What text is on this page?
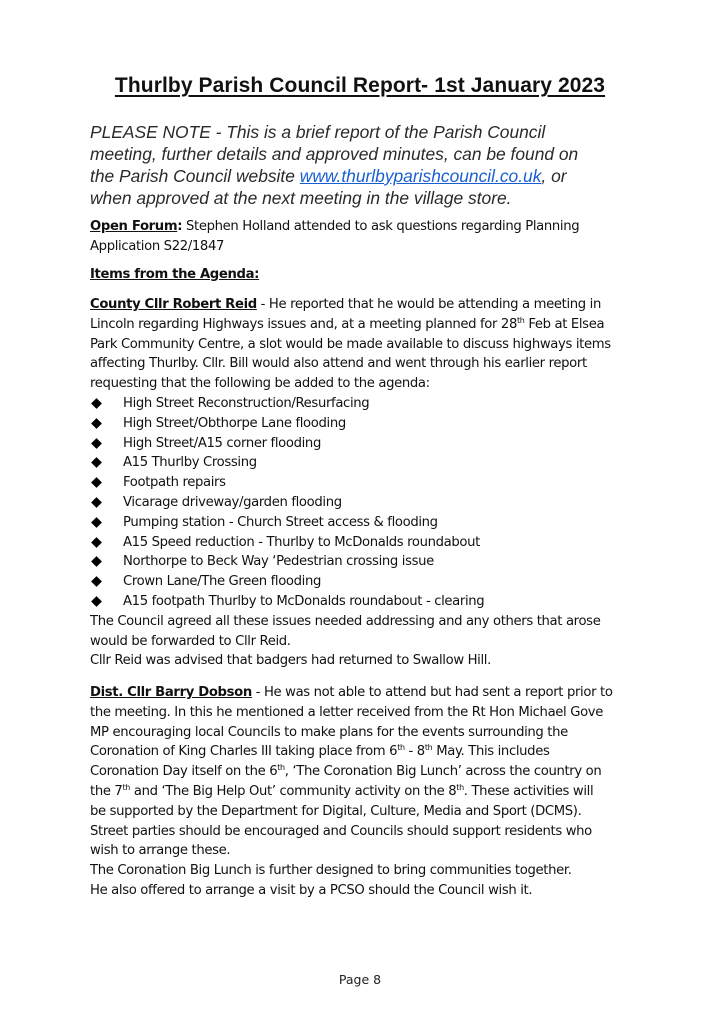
Thurlby Parish Council Report- 1st January 2023
PLEASE NOTE - This is a brief report of the Parish Council
meeting, further details and approved minutes, can be found on
the Parish Council website www.thurlbyparishcouncil.co.uk, or
when approved at the next meeting in the village store.
Open Forum: Stephen Holland attended to ask questions regarding Planning
Application S22/1847
Items from the Agenda:
County Cllr Robert Reid - He reported that he would be attending a meeting in
Lincoln regarding Highways issues and, at a meeting planned for 28th Feb at Elsea
Park Community Centre, a slot would be made available to discuss highways items
affecting Thurlby. Cllr. Bill would also attend and went through his earlier report
requesting that the following be added to the agenda:
High Street Reconstruction/Resurfacing
High Street/Obthorpe Lane flooding
High Street/A15 corner flooding
A15 Thurlby Crossing
Footpath repairs
Vicarage driveway/garden flooding
Pumping station - Church Street access & flooding
A15 Speed reduction - Thurlby to McDonalds roundabout
Northorpe to Beck Way ‘Pedestrian crossing issue
Crown Lane/The Green flooding
A15 footpath Thurlby to McDonalds roundabout - clearing
The Council agreed all these issues needed addressing and any others that arose
would be forwarded to Cllr Reid.
Cllr Reid was advised that badgers had returned to Swallow Hill.
Dist. Cllr Barry Dobson - He was not able to attend but had sent a report prior to
the meeting. In this he mentioned a letter received from the Rt Hon Michael Gove
MP encouraging local Councils to make plans for the events surrounding the
Coronation of King Charles III taking place from 6th - 8th May. This includes
Coronation Day itself on the 6th, ‘The Coronation Big Lunch’ across the country on
the 7th and ‘The Big Help Out’ community activity on the 8th. These activities will
be supported by the Department for Digital, Culture, Media and Sport (DCMS).
Street parties should be encouraged and Councils should support residents who
wish to arrange these.
The Coronation Big Lunch is further designed to bring communities together.
He also offered to arrange a visit by a PCSO should the Council wish it.
Page 8
